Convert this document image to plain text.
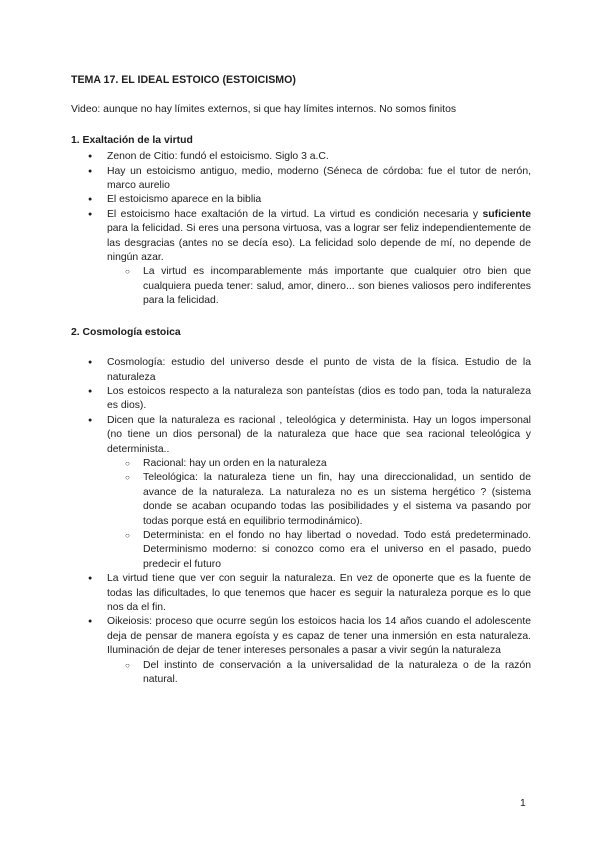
TEMA 17. EL IDEAL ESTOICO (ESTOICISMO)

Video: aunque no hay límites externos, si que hay límites internos. No somos finitos
1. Exaltación de la virtud
● Zenon de Citio: fundó el estoicismo. Siglo 3 a.C.
● Hay un estoicismo antiguo, medio, moderno (Séneca de córdoba: fue el tutor de nerón, marco aurelio
● El estoicismo aparece en la biblia
● El estoicismo hace exaltación de la virtud. La virtud es condición necesaria y suficiente para la felicidad. Si eres una persona virtuosa, vas a lograr ser feliz independientemente de las desgracias (antes no se decía eso). La felicidad solo depende de mí, no depende de ningún azar.
○ La virtud es incomparablemente más importante que cualquier otro bien que cualquiera pueda tener: salud, amor, dinero... son bienes valiosos pero indiferentes para la felicidad.
2. Cosmología estoica
● Cosmología: estudio del universo desde el punto de vista de la física. Estudio de la naturaleza
● Los estoicos respecto a la naturaleza son panteístas (dios es todo pan, toda la naturaleza es dios).
● Dicen que la naturaleza es racional , teleológica y determinista. Hay un logos impersonal (no tiene un dios personal) de la naturaleza que hace que sea racional teleológica y determinista..
○ Racional: hay un orden en la naturaleza
○ Teleológica: la naturaleza tiene un fin, hay una direccionalidad, un sentido de avance de la naturaleza. La naturaleza no es un sistema hergético ? (sistema donde se acaban ocupando todas las posibilidades y el sistema va pasando por todas porque está en equilibrio termodinámico).
○ Determinista: en el fondo no hay libertad o novedad. Todo está predeterminado. Determinismo moderno: si conozco como era el universo en el pasado, puedo predecir el futuro
● La virtud tiene que ver con seguir la naturaleza. En vez de oponerte que es la fuente de todas las dificultades, lo que tenemos que hacer es seguir la naturaleza porque es lo que nos da el fin.
● Oikeiosis: proceso que ocurre según los estoicos hacia los 14 años cuando el adolescente deja de pensar de manera egoísta y es capaz de tener una inmersión en esta naturaleza. Iluminación de dejar de tener intereses personales a pasar a vivir según la naturaleza
○ Del instinto de conservación a la universalidad de la naturaleza o de la razón natural.
1
